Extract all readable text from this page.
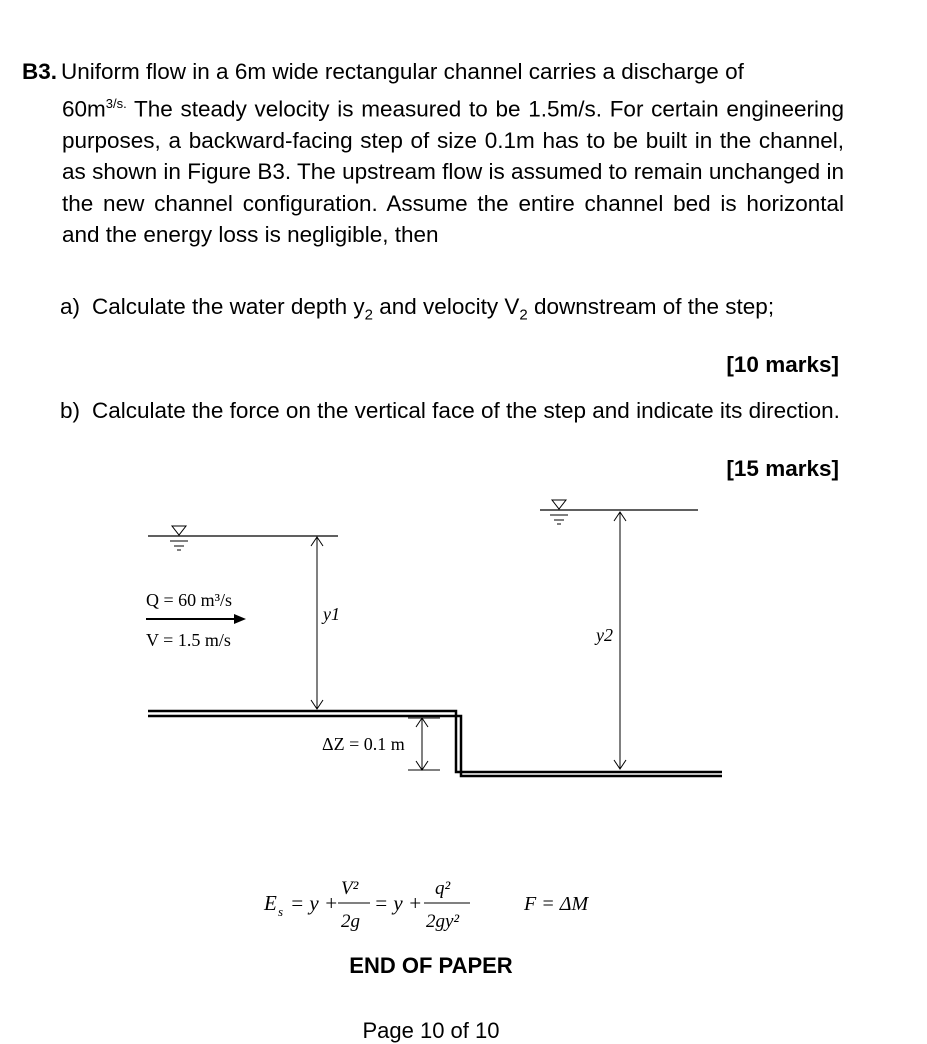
B3. Uniform flow in a 6m wide rectangular channel carries a discharge of
$60m^{3/s.}$ The steady velocity is measured to be 1.5m/s. For certain engineering purposes, a backward-facing step of size 0.1m has to be built in the channel, as shown in Figure B3. The upstream flow is assumed to remain unchanged in the new channel configuration. Assume the entire channel bed is horizontal and the energy loss is negligible, then
a) Calculate the water depth $y_2$ and velocity $V_2$ downstream of the step;
[10 marks]
b) Calculate the force on the vertical face of the step and indicate its direction.
[15 marks]
Q = 60 m³/s
V = 1.5 m/s
y1
y2
ΔZ = 0.1 m
E s = y +
V²
2g
= y +
q²
2gy²
F = ΔM
END OF PAPER
Page 10 of 10
